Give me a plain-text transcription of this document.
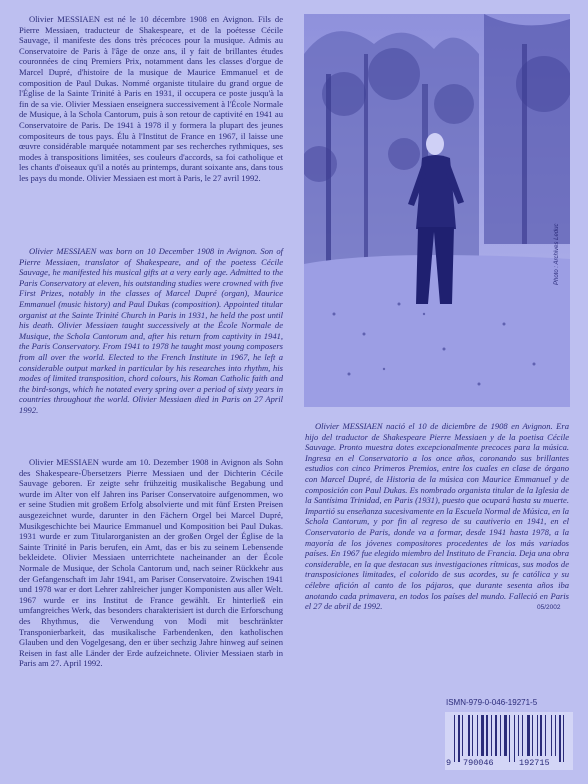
Olivier MESSIAEN est né le 10 décembre 1908 en Avignon. Fils de Pierre Messiaen, traducteur de Shakespeare, et de la poétesse Cécile Sauvage, il manifeste des dons très précoces pour la musique. Admis au Conservatoire de Paris à l'âge de onze ans, il y fait de brillantes études couronnées de cinq Premiers Prix, notamment dans les classes d'orgue de Marcel Dupré, d'histoire de la musique de Maurice Emmanuel et de composition de Paul Dukas. Nommé organiste titulaire du grand orgue de l'Église de la Sainte Trinité à Paris en 1931, il occupera ce poste jusqu'à la fin de sa vie. Olivier Messiaen enseignera successivement à l'École Normale de Musique, à la Schola Cantorum, puis à son retour de captivité en 1941 au Conservatoire de Paris. De 1941 à 1978 il y formera la plupart des jeunes compositeurs de tous pays. Élu à l'Institut de France en 1967, il laisse une œuvre considérable marquée notamment par ses recherches rythmiques, ses modes à transpositions limitées, ses couleurs d'accords, sa foi catholique et les chants d'oiseaux qu'il a notés au printemps, durant soixante ans, dans tous les pays du monde. Olivier Messiaen est mort à Paris, le 27 avril 1992.

Olivier MESSIAEN was born on 10 December 1908 in Avignon. Son of Pierre Messiaen, translator of Shakespeare, and of the poetess Cécile Sauvage, he manifested his musical gifts at a very early age. Admitted to the Paris Conservatory at eleven, his outstanding studies were crowned with five First Prizes, notably in the classes of Marcel Dupré (organ), Maurice Emmanuel (music history) and Paul Dukas (composition). Appointed titular organist at the Sainte Trinité Church in Paris in 1931, he held the post until his death. Olivier Messiaen taught successively at the École Normale de Musique, the Schola Cantorum and, after his return from captivity in 1941, the Paris Conservatory. From 1941 to 1978 he taught most young composers from all over the world. Elected to the French Institute in 1967, he left a considerable output marked in particular by his researches into rhythm, his modes of limited transposition, chord colours, his Roman Catholic faith and the bird-songs, which he notated every spring over a period of sixty years in countries throughout the world. Olivier Messiaen died in Paris on 27 April 1992.

Olivier MESSIAEN wurde am 10. Dezember 1908 in Avignon als Sohn des Shakespeare-Übersetzers Pierre Messiaen und der Dichterin Cécile Sauvage geboren. Er zeigte sehr frühzeitig musikalische Begabung und wurde im Alter von elf Jahren ins Pariser Conservatoire aufgenommen, wo er seine Studien mit großem Erfolg absolvierte und mit fünf Ersten Preisen ausgezeichnet wurde, darunter in den Fächern Orgel bei Marcel Dupré, Musikgeschichte bei Maurice Emmanuel und Komposition bei Paul Dukas. 1931 wurde er zum Titularorganisten an der großen Orgel der Église de la Sainte Trinité in Paris berufen, ein Amt, das er bis zu seinem Lebensende bekleidete. Olivier Messiaen unterrichtete nacheinander an der École Normale de Musique, der Schola Cantorum und, nach seiner Rückkehr aus der Gefangenschaft im Jahr 1941, am Pariser Conservatoire. Zwischen 1941 und 1978 war er dort Lehrer zahlreicher junger Komponisten aus aller Welt. 1967 wurde er ins Institut de France gewählt. Er hinterließ ein umfangreiches Werk, das besonders charakterisiert ist durch die Erforschung des Rhythmus, die Verwendung von Modi mit beschränkter Transponierbarkeit, das musikalische Farbendenken, den katholischen Glauben und den Vogelgesang, den er über sechzig Jahre hinweg auf seinen Reisen in fast alle Länder der Erde aufzeichnete. Olivier Messiaen starb in Paris am 27. April 1992.

Photo : Archives Leduc

Olivier MESSIAEN nació el 10 de diciembre de 1908 en Avignon. Era hijo del traductor de Shakespeare Pierre Messiaen y de la poetisa Cécile Sauvage. Pronto muestra dotes excepcionalmente precoces para la música. Ingresa en el Conservatorio a los once años, coronando sus brillantes estudios con cinco Primeros Premios, entre los cuales en clase de órgano con Marcel Dupré, de Historia de la música con Maurice Emmanuel y de composición con Paul Dukas. Es nombrado organista titular de la Iglesia de la Santísima Trinidad, en Paris (1931), puesto que ocupará hasta su muerte. Impartió su enseñanza sucesivamente en la Escuela Normal de Música, en la Schola Cantorum, y por fin al regreso de su cautiverio en 1941, en el Conservatorio de Paris, donde va a formar, desde 1941 hasta 1978, a la mayoría de los jóvenes compositores procedentes de los más variados países. En 1967 fue elegido miembro del Instituto de Francia. Deja una obra considerable, en la que destacan sus investigaciones rítmicas, sus modos de transposiciones limitades, el colorido de sus acordes, su fe católica y su célebre afición al canto de los pájaros, que durante sesenta años iba anotando cada primavera, en todos los países del mundo. Falleció en Paris el 27 de abril de 1992.	05/2002
ISMN-979-0-046-19271-5
9 790046	192715
